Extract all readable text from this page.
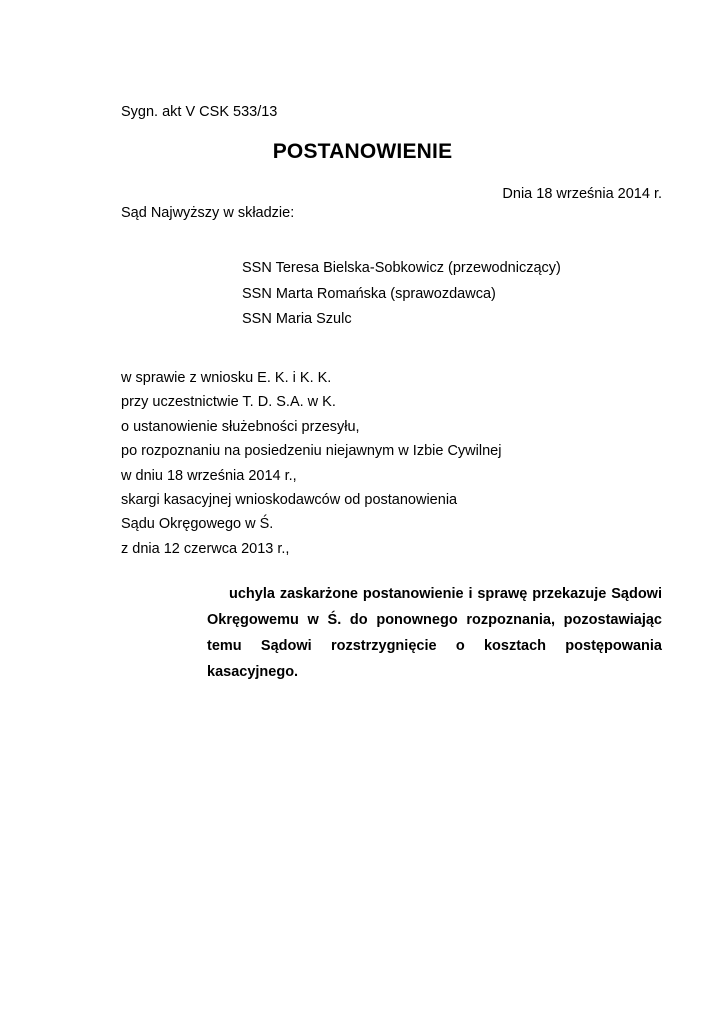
Sygn. akt V CSK 533/13
POSTANOWIENIE
Dnia 18 września 2014 r.
Sąd Najwyższy w składzie:
SSN Teresa Bielska-Sobkowicz (przewodniczący)
SSN Marta Romańska (sprawozdawca)
SSN Maria Szulc
w sprawie z wniosku E. K. i K. K.
przy uczestnictwie T. D. S.A. w K.
o ustanowienie służebności przesyłu,
po rozpoznaniu na posiedzeniu niejawnym w Izbie Cywilnej
w dniu 18 września 2014 r.,
skargi kasacyjnej wnioskodawców od postanowienia
Sądu Okręgowego w Ś.
z dnia 12 czerwca 2013 r.,
uchyla zaskarżone postanowienie i sprawę przekazuje Sądowi Okręgowemu w Ś. do ponownego rozpoznania, pozostawiając temu Sądowi rozstrzygnięcie o kosztach postępowania kasacyjnego.
